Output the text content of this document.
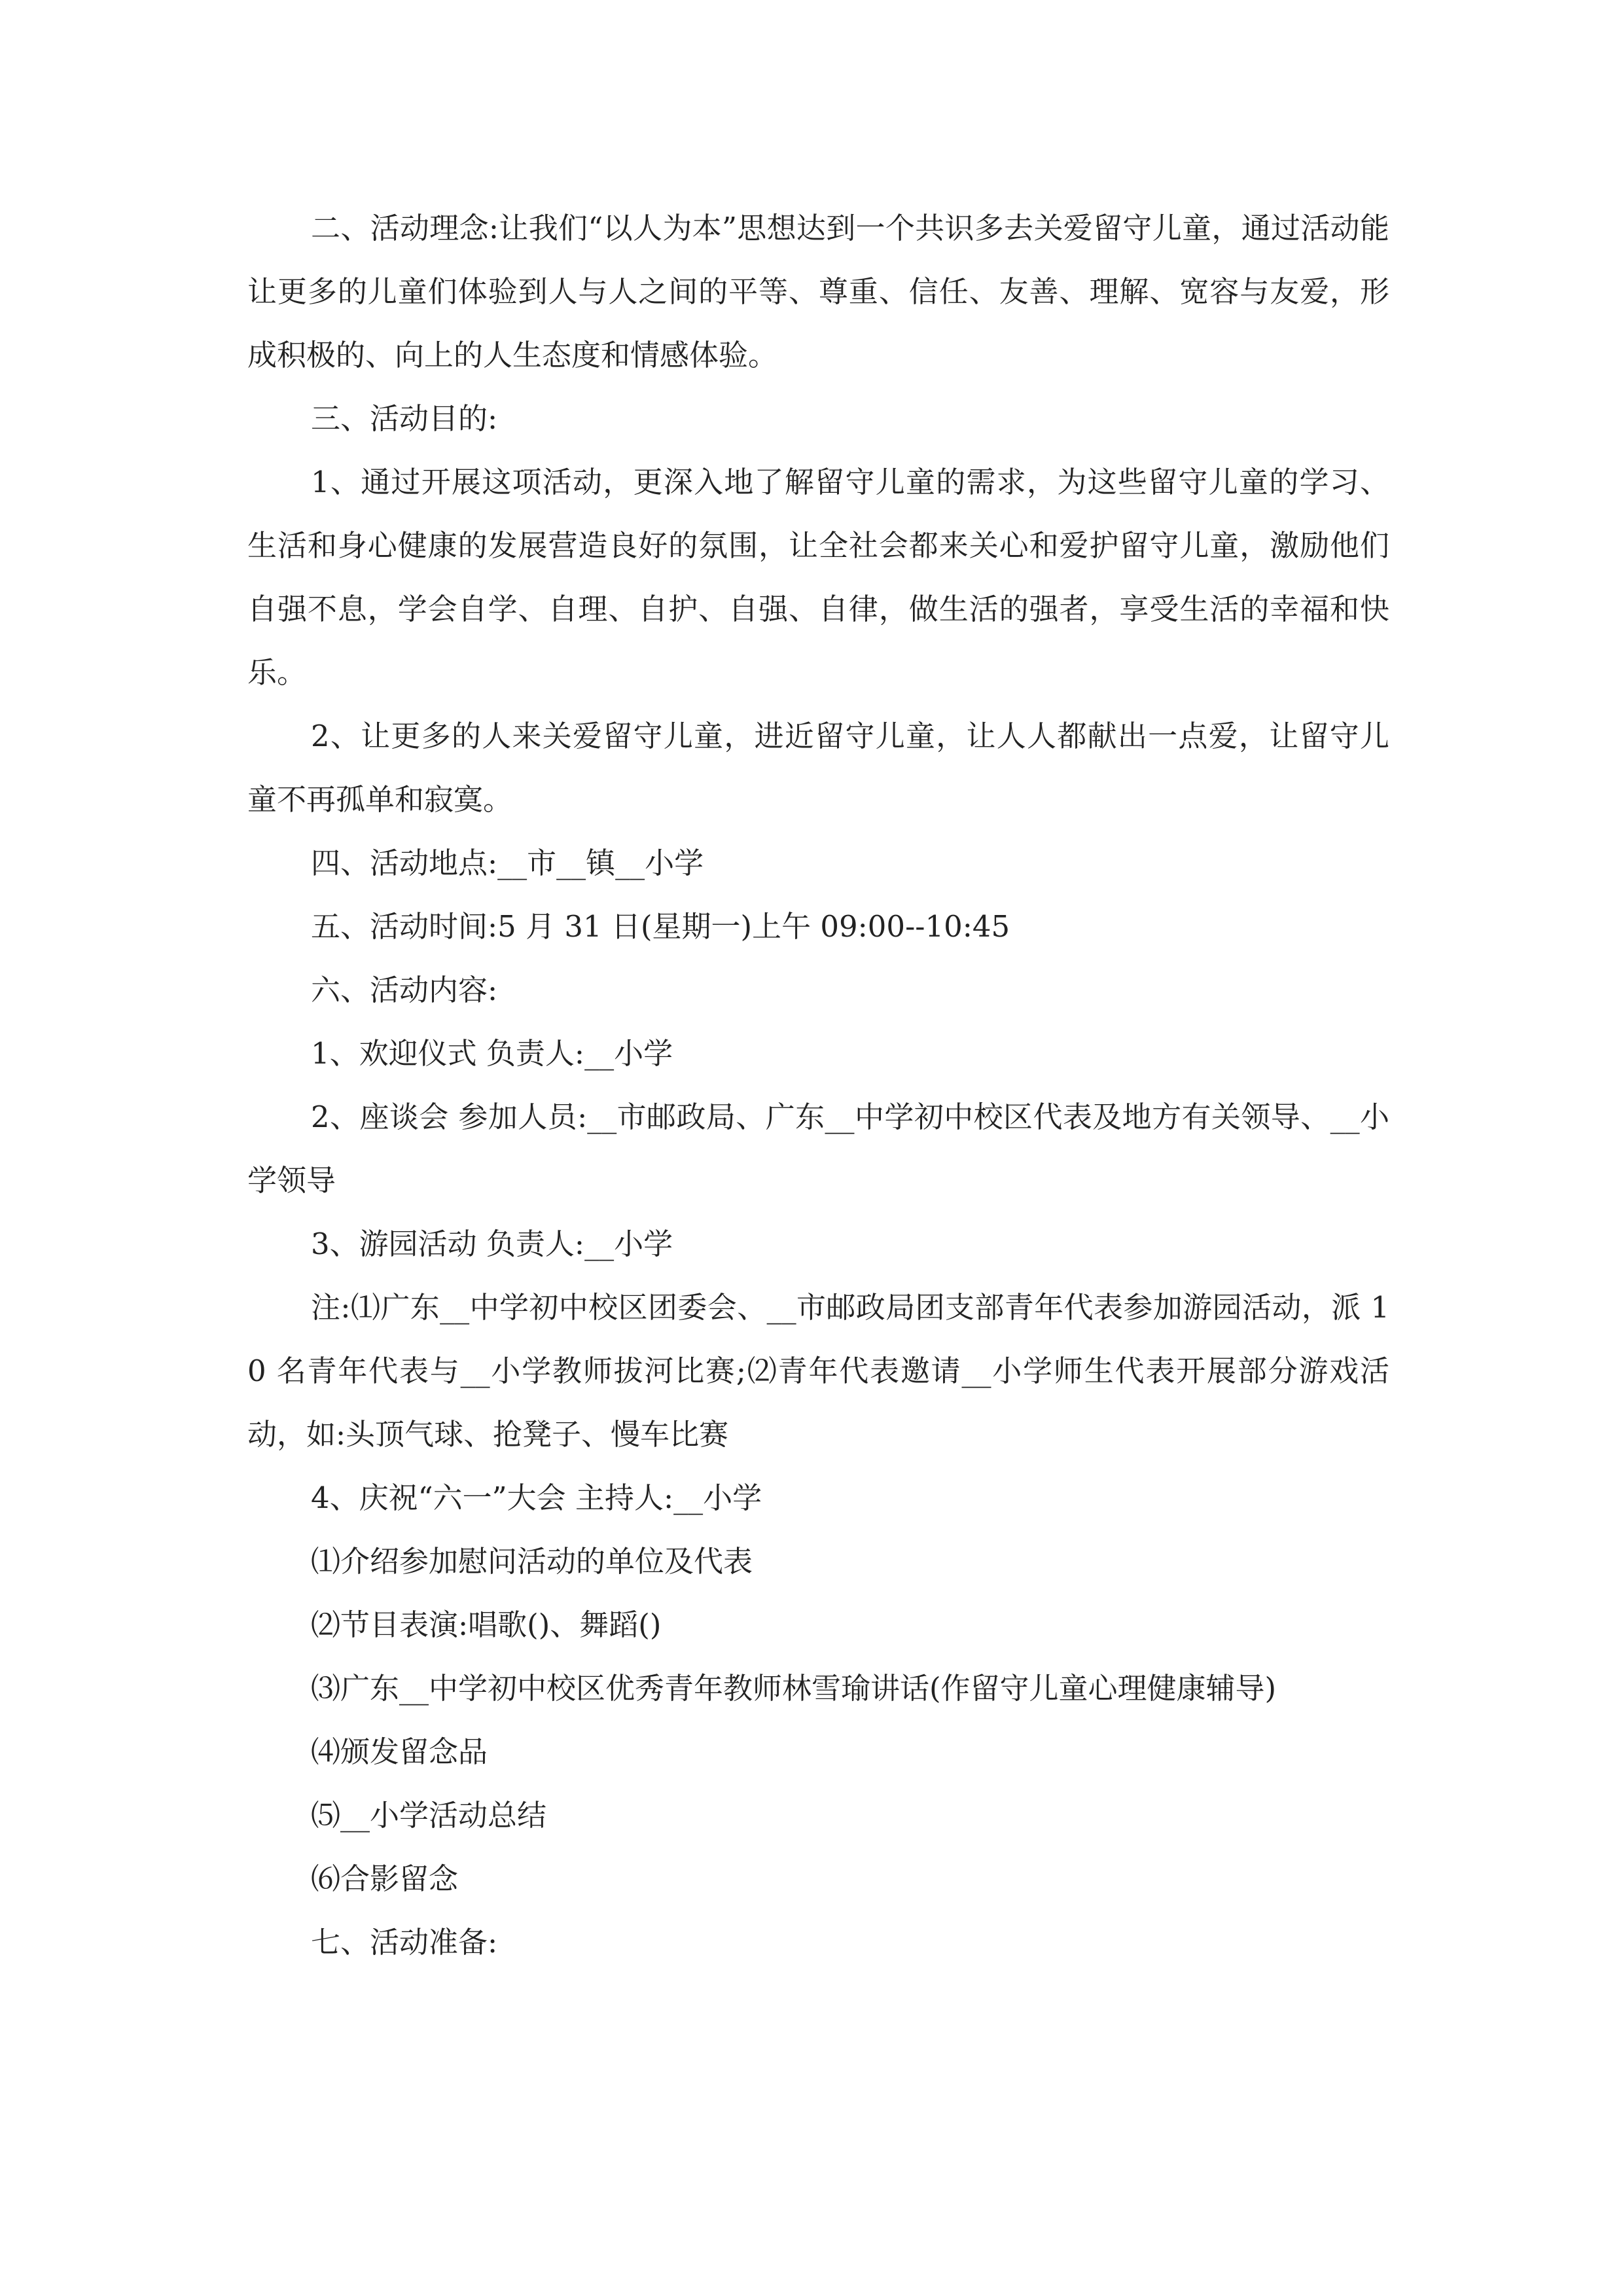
二、活动理念:让我们“以人为本”思想达到一个共识多去关爱留守儿童，通过活动能让更多的儿童们体验到人与人之间的平等、尊重、信任、友善、理解、宽容与友爱，形成积极的、向上的人生态度和情感体验。

三、活动目的:

1、通过开展这项活动，更深入地了解留守儿童的需求，为这些留守儿童的学习、生活和身心健康的发展营造良好的氛围，让全社会都来关心和爱护留守儿童，激励他们自强不息，学会自学、自理、自护、自强、自律，做生活的强者，享受生活的幸福和快乐。

2、让更多的人来关爱留守儿童，进近留守儿童，让人人都献出一点爱，让留守儿童不再孤单和寂寞。

四、活动地点:__市__镇__小学

五、活动时间:5 月 31 日(星期一)上午 09:00--10:45

六、活动内容:

1、欢迎仪式 负责人:__小学

2、座谈会 参加人员:__市邮政局、广东__中学初中校区代表及地方有关领导、__小学领导

3、游园活动 负责人:__小学

注:⑴广东__中学初中校区团委会、__市邮政局团支部青年代表参加游园活动，派 10 名青年代表与__小学教师拔河比赛;⑵青年代表邀请__小学师生代表开展部分游戏活动，如:头顶气球、抢凳子、慢车比赛

4、庆祝“六一”大会 主持人:__小学

⑴介绍参加慰问活动的单位及代表

⑵节目表演:唱歌()、舞蹈()

⑶广东__中学初中校区优秀青年教师林雪瑜讲话(作留守儿童心理健康辅导)

⑷颁发留念品

⑸__小学活动总结

⑹合影留念

七、活动准备:
